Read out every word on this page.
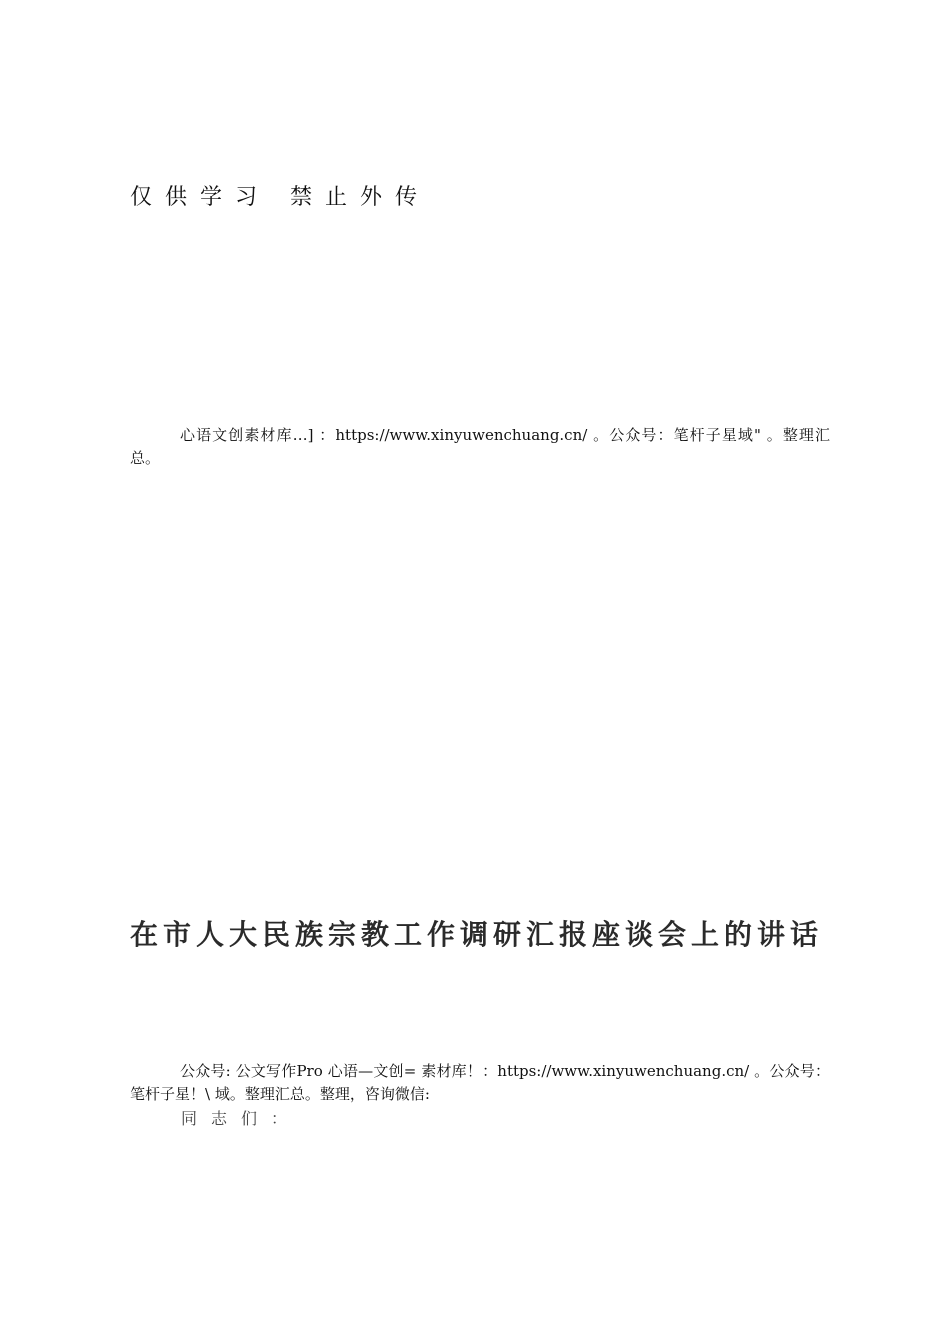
仅供学习 禁止外传

心语文创素材库…] ：https://www.xinyuwenchuang.cn/ 。公众号：笔杆子星域" 。整理汇总。

在市人大民族宗教工作调研汇报座谈会上的讲话

公众号: 公文写作Pro 心语—文创= 素材库！：https://www.xinyuwenchuang.cn/ 。公众号：笔杆子星！\ 域。整理汇总。整理，咨询微信:

同志们：
